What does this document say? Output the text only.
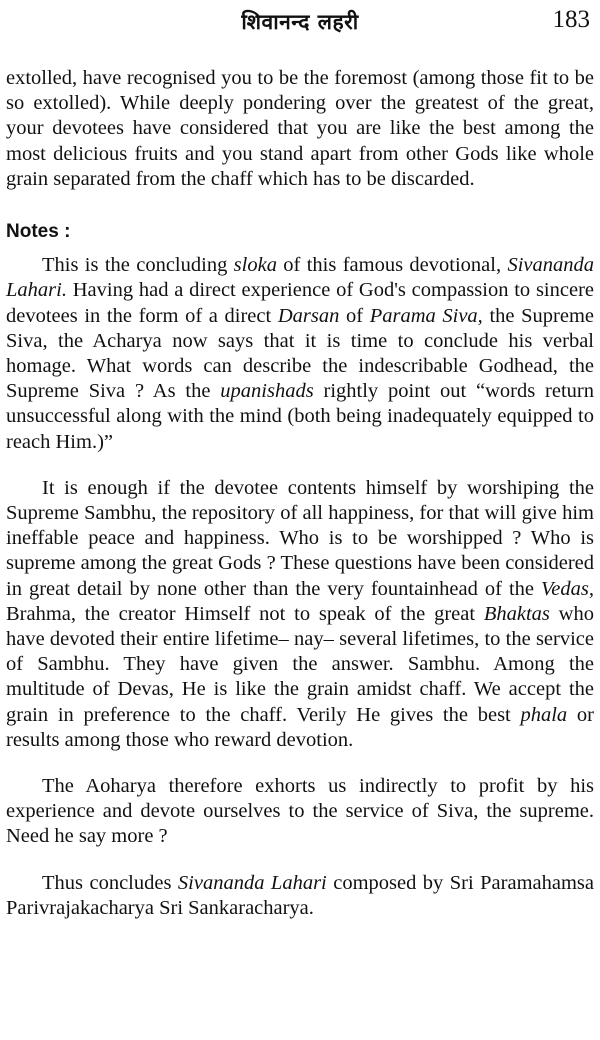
शिवानन्द लहरी	183

extolled, have recognised you to be the foremost (among those fit to be so extolled). While deeply pondering over the greatest of the great, your devotees have considered that you are like the best among the most delicious fruits and you stand apart from other Gods like whole grain separated from the chaff which has to be discarded.

Notes :

This is the concluding sloka of this famous devotional, Sivananda Lahari. Having had a direct experience of God's compassion to sincere devotees in the form of a direct Darsan of Parama Siva, the Supreme Siva, the Acharya now says that it is time to conclude his verbal homage. What words can describe the indescribable Godhead, the Supreme Siva ? As the upanishads rightly point out “words return unsuccessful along with the mind (both being inadequately equipped to reach Him.)”

It is enough if the devotee contents himself by worshiping the Supreme Sambhu, the repository of all happiness, for that will give him ineffable peace and happiness. Who is to be worshipped ? Who is supreme among the great Gods ? These questions have been considered in great detail by none other than the very fountainhead of the Vedas, Brahma, the creator Himself not to speak of the great Bhaktas who have devoted their entire lifetime– nay– several lifetimes, to the service of Sambhu. They have given the answer. Sambhu. Among the multitude of Devas, He is like the grain amidst chaff. We accept the grain in preference to the chaff. Verily He gives the best phala or results among those who reward devotion.

The Aoharya therefore exhorts us indirectly to profit by his experience and devote ourselves to the service of Siva, the supreme. Need he say more ?

Thus concludes Sivananda Lahari composed by Sri Paramahamsa Parivrajakacharya Sri Sankaracharya.
